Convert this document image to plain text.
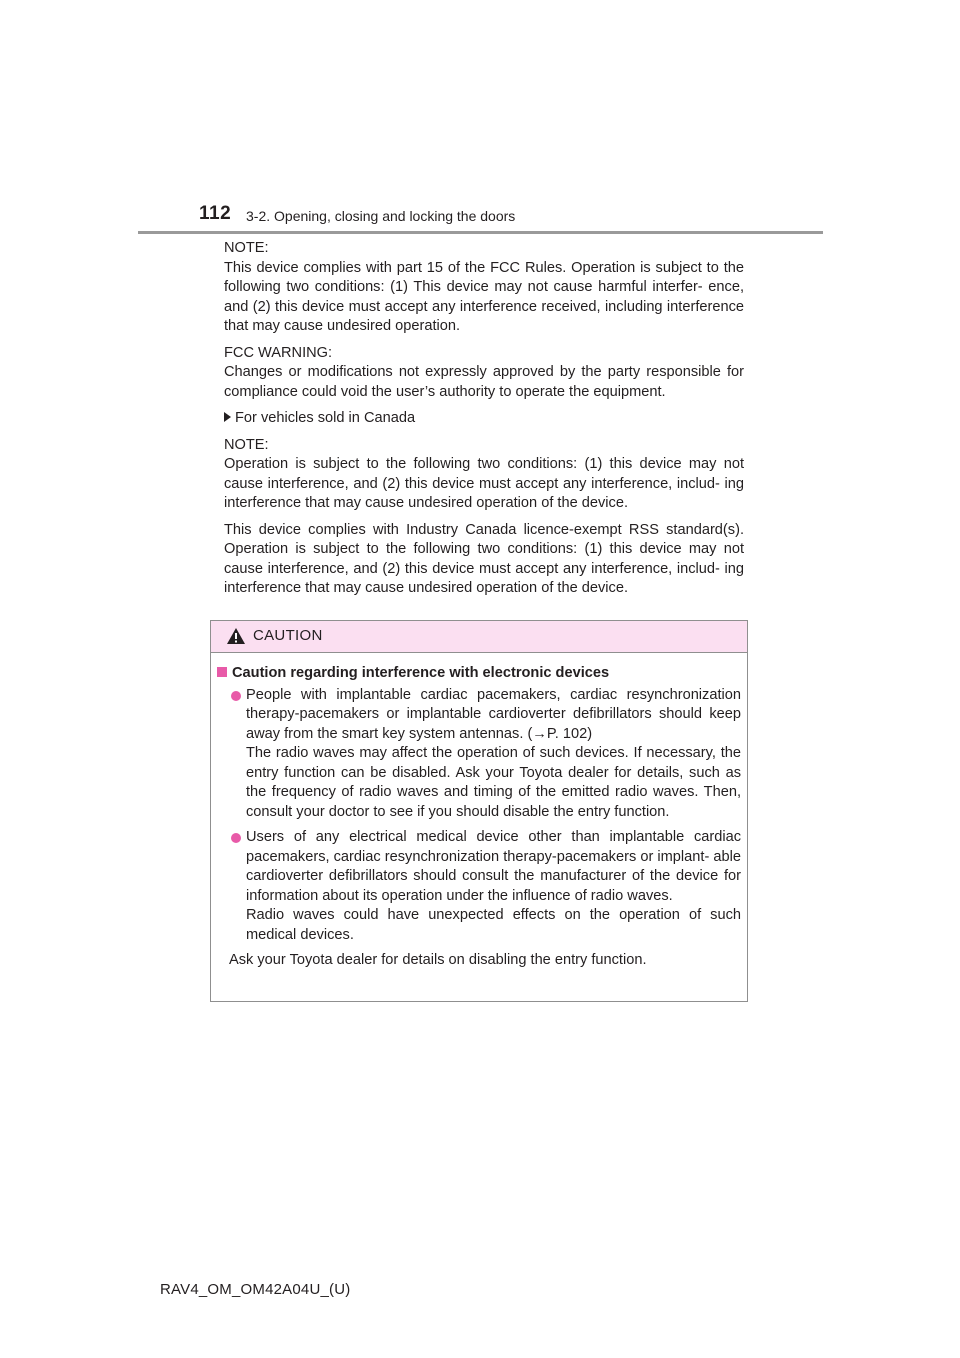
112 3-2. Opening, closing and locking the doors

NOTE:
This device complies with part 15 of the FCC Rules. Operation is subject to the following two conditions: (1) This device may not cause harmful interfer- ence, and (2) this device must accept any interference received, including interference that may cause undesired operation.

FCC WARNING:
Changes or modifications not expressly approved by the party responsible for compliance could void the user’s authority to operate the equipment.

For vehicles sold in Canada

NOTE:
Operation is subject to the following two conditions: (1) this device may not cause interference, and (2) this device must accept any interference, includ- ing interference that may cause undesired operation of the device.

This device complies with Industry Canada licence-exempt RSS standard(s). Operation is subject to the following two conditions: (1) this device may not cause interference, and (2) this device must accept any interference, includ- ing interference that may cause undesired operation of the device.

CAUTION
Caution regarding interference with electronic devices
People with implantable cardiac pacemakers, cardiac resynchronization therapy-pacemakers or implantable cardioverter defibrillators should keep away from the smart key system antennas. (→P. 102)
The radio waves may affect the operation of such devices. If necessary, the entry function can be disabled. Ask your Toyota dealer for details, such as the frequency of radio waves and timing of the emitted radio waves. Then, consult your doctor to see if you should disable the entry function.
Users of any electrical medical device other than implantable cardiac pacemakers, cardiac resynchronization therapy-pacemakers or implant- able cardioverter defibrillators should consult the manufacturer of the device for information about its operation under the influence of radio waves.
Radio waves could have unexpected effects on the operation of such medical devices.
Ask your Toyota dealer for details on disabling the entry function.
RAV4_OM_OM42A04U_(U)
